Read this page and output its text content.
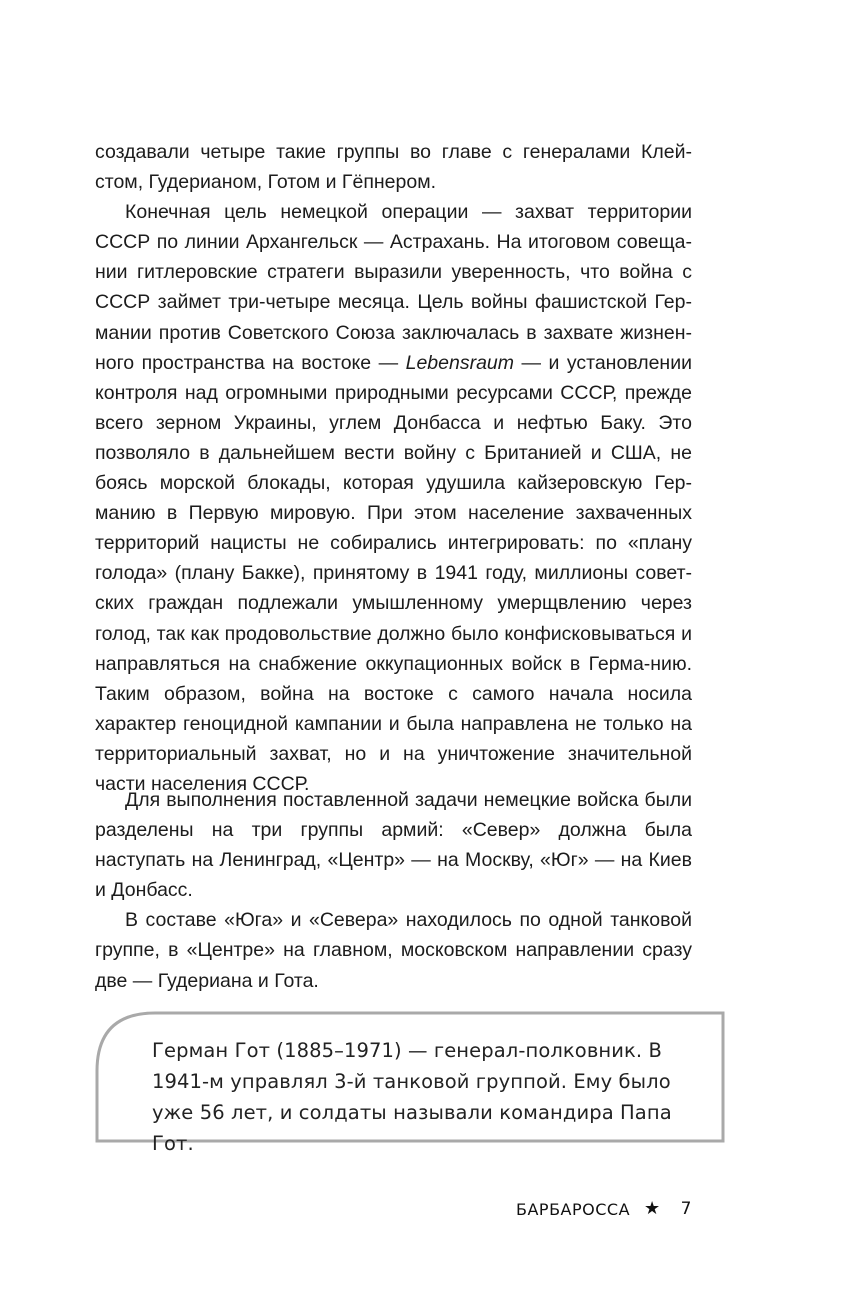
создавали четыре такие группы во главе с генералами Клей-стом, Гудерианом, Готом и Гёпнером.

Конечная цель немецкой операции — захват территории СССР по линии Архангельск — Астрахань. На итоговом совеща-нии гитлеровские стратеги выразили уверенность, что война с СССР займет три-четыре месяца. Цель войны фашистской Гер-мании против Советского Союза заключалась в захвате жизнен-ного пространства на востоке — Lebensraum — и установлении контроля над огромными природными ресурсами СССР, прежде всего зерном Украины, углем Донбасса и нефтью Баку. Это позволяло в дальнейшем вести войну с Британией и США, не боясь морской блокады, которая удушила кайзеровскую Гер-манию в Первую мировую. При этом население захваченных территорий нацисты не собирались интегрировать: по «плану голода» (плану Бакке), принятому в 1941 году, миллионы совет-ских граждан подлежали умышленному умерщвлению через голод, так как продовольствие должно было конфисковываться и направляться на снабжение оккупационных войск в Герма-нию. Таким образом, война на востоке с самого начала носила характер геноцидной кампании и была направлена не только на территориальный захват, но и на уничтожение значительной части населения СССР.

Для выполнения поставленной задачи немецкие войска были разделены на три группы армий: «Север» должна была наступать на Ленинград, «Центр» — на Москву, «Юг» — на Киев и Донбасс.

В составе «Юга» и «Севера» находилось по одной танковой группе, в «Центре» на главном, московском направлении сразу две — Гудериана и Гота.

Герман Гот (1885–1971) — генерал-полковник. В 1941-м управлял 3-й танковой группой. Ему было уже 56 лет, и солдаты называли командира Папа Гот.
БАРБАРОССА ★ 7
